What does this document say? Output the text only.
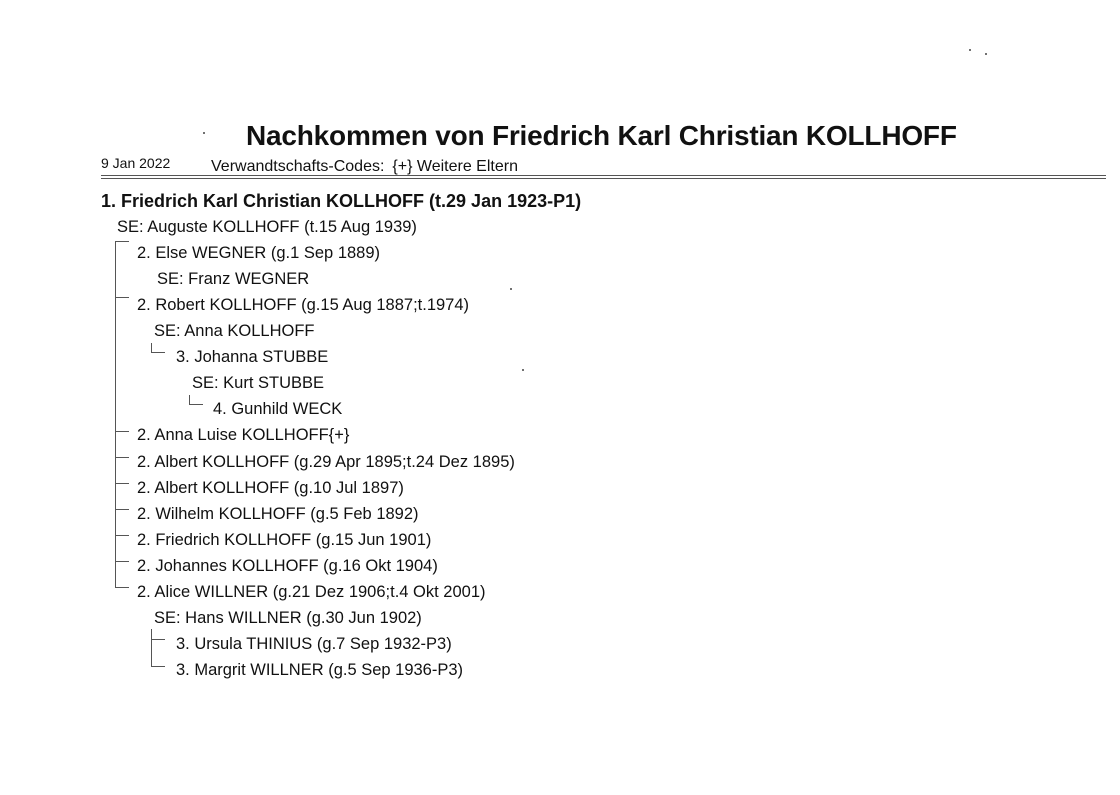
Nachkommen von Friedrich Karl Christian KOLLHOFF
9 Jan 2022	Verwandtschafts-Codes: {+} Weitere Eltern
1. Friedrich Karl Christian KOLLHOFF (t.29 Jan 1923-P1)
SE: Auguste KOLLHOFF (t.15 Aug 1939)
2. Else WEGNER (g.1 Sep 1889)
SE: Franz WEGNER
2. Robert KOLLHOFF (g.15 Aug 1887;t.1974)
SE: Anna KOLLHOFF
3. Johanna STUBBE
SE: Kurt STUBBE
4. Gunhild WECK
2. Anna Luise KOLLHOFF{+}
2. Albert KOLLHOFF (g.29 Apr 1895;t.24 Dez 1895)
2. Albert KOLLHOFF (g.10 Jul 1897)
2. Wilhelm KOLLHOFF (g.5 Feb 1892)
2. Friedrich KOLLHOFF (g.15 Jun 1901)
2. Johannes KOLLHOFF (g.16 Okt 1904)
2. Alice WILLNER (g.21 Dez 1906;t.4 Okt 2001)
SE: Hans WILLNER (g.30 Jun 1902)
3. Ursula THINIUS (g.7 Sep 1932-P3)
3. Margrit WILLNER (g.5 Sep 1936-P3)
